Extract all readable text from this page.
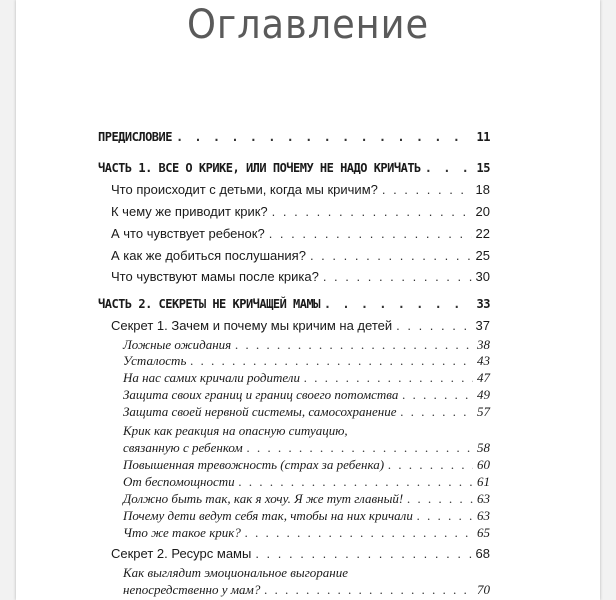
Оглавление
ПРЕДИСЛОВИЕ . . .	11
ЧАСТЬ 1. ВСЕ О КРИКЕ, ИЛИ ПОЧЕМУ НЕ НАДО КРИЧАТЬ . . .	15
Что происходит с детьми, когда мы кричим? . . .	18
К чему же приводит крик? . . .	20
А что чувствует ребенок? . . .	22
А как же добиться послушания? . . .	25
Что чувствуют мамы после крика? . . .	30
ЧАСТЬ 2. СЕКРЕТЫ НЕ КРИЧАЩЕЙ МАМЫ . . .	33
Секрет 1. Зачем и почему мы кричим на детей . . .	37
Ложные ожидания . . .	38
Усталость . . .	43
На нас самих кричали родители . . .	47
Защита своих границ и границ своего потомства . . .	49
Защита своей нервной системы, самосохранение . . .	57
Крик как реакция на опасную ситуацию,
связанную с ребенком . . .	58
Повышенная тревожность (страх за ребенка) . . .	60
От беспомощности . . .	61
Должно быть так, как я хочу. Я же тут главный! . . .	63
Почему дети ведут себя так, чтобы на них кричали . . .	63
Что же такое крик? . . .	65
Секрет 2. Ресурс мамы . . .	68
Как выглядит эмоциональное выгорание
непосредственно у мам? . . .	70
